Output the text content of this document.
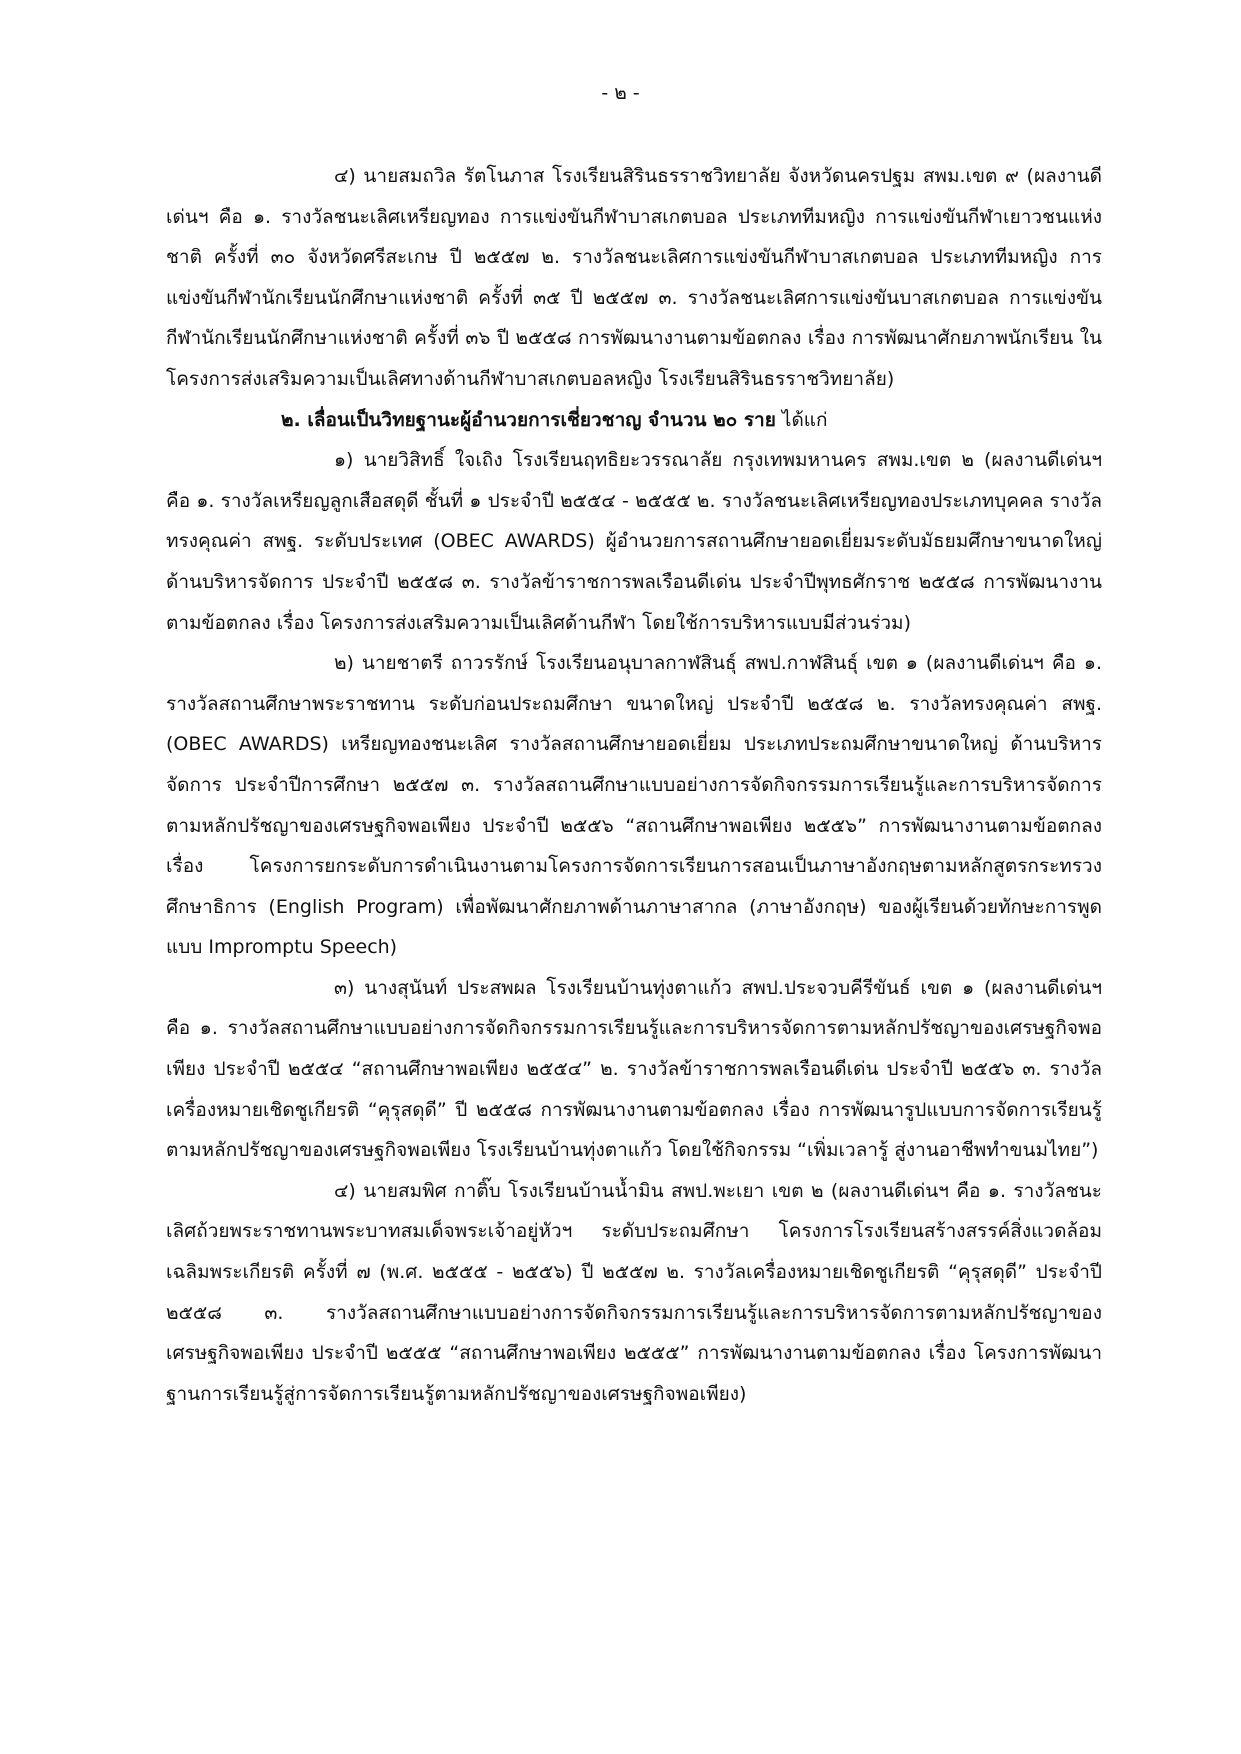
- ๒ -

๔) นายสมถวิล รัตโนภาส โรงเรียนสิรินธรราชวิทยาลัย จังหวัดนครปฐม สพม.เขต ๙ (ผลงานดีเด่นฯ คือ ๑. รางวัลชนะเลิศเหรียญทอง การแข่งขันกีฬาบาสเกตบอล ประเภททีมหญิง การแข่งขันกีฬาเยาวชนแห่งชาติ ครั้งที่ ๓๐ จังหวัดศรีสะเกษ ปี ๒๕๕๗ ๒. รางวัลชนะเลิศการแข่งขันกีฬาบาสเกตบอล ประเภททีมหญิง การแข่งขันกีฬานักเรียนนักศึกษาแห่งชาติ ครั้งที่ ๓๕ ปี ๒๕๕๗ ๓. รางวัลชนะเลิศการแข่งขันบาสเกตบอล การแข่งขันกีฬานักเรียนนักศึกษาแห่งชาติ ครั้งที่ ๓๖ ปี ๒๕๕๘ การพัฒนางานตามข้อตกลง เรื่อง การพัฒนาศักยภาพนักเรียน ในโครงการส่งเสริมความเป็นเลิศทางด้านกีฬาบาสเกตบอลหญิง โรงเรียนสิรินธรราชวิทยาลัย)

๒. เลื่อนเป็นวิทยฐานะผู้อำนวยการเชี่ยวชาญ จำนวน ๒๐ ราย ได้แก่

๑) นายวิสิทธิ์ ใจเถิง โรงเรียนฤทธิยะวรรณาลัย กรุงเทพมหานคร สพม.เขต ๒ (ผลงานดีเด่นฯ คือ ๑. รางวัลเหรียญลูกเสือสดุดี ชั้นที่ ๑ ประจำปี ๒๕๕๔ - ๒๕๕๕ ๒. รางวัลชนะเลิศเหรียญทองประเภทบุคคล รางวัลทรงคุณค่า สพฐ. ระดับประเทศ (OBEC AWARDS) ผู้อำนวยการสถานศึกษายอดเยี่ยมระดับมัธยมศึกษาขนาดใหญ่ ด้านบริหารจัดการ ประจำปี ๒๕๕๘ ๓. รางวัลข้าราชการพลเรือนดีเด่น ประจำปีพุทธศักราช ๒๕๕๘ การพัฒนางานตามข้อตกลง เรื่อง โครงการส่งเสริมความเป็นเลิศด้านกีฬา โดยใช้การบริหารแบบมีส่วนร่วม)

๒) นายชาตรี ถาวรรักษ์ โรงเรียนอนุบาลกาฬสินธุ์ สพป.กาฬสินธุ์ เขต ๑ (ผลงานดีเด่นฯ คือ ๑. รางวัลสถานศึกษาพระราชทาน ระดับก่อนประถมศึกษา ขนาดใหญ่ ประจำปี ๒๕๕๘ ๒. รางวัลทรงคุณค่า สพฐ. (OBEC AWARDS) เหรียญทองชนะเลิศ รางวัลสถานศึกษายอดเยี่ยม ประเภทประถมศึกษาขนาดใหญ่ ด้านบริหารจัดการ ประจำปีการศึกษา ๒๕๕๗ ๓. รางวัลสถานศึกษาแบบอย่างการจัดกิจกรรมการเรียนรู้และการบริหารจัดการตามหลักปรัชญาของเศรษฐกิจพอเพียง ประจำปี ๒๕๕๖ “สถานศึกษาพอเพียง ๒๕๕๖” การพัฒนางานตามข้อตกลง เรื่อง โครงการยกระดับการดำเนินงานตามโครงการจัดการเรียนการสอนเป็นภาษาอังกฤษตามหลักสูตรกระทรวงศึกษาธิการ (English Program) เพื่อพัฒนาศักยภาพด้านภาษาสากล (ภาษาอังกฤษ) ของผู้เรียนด้วยทักษะการพูดแบบ Impromptu Speech)

๓) นางสุนันท์ ประสพผล โรงเรียนบ้านทุ่งตาแก้ว สพป.ประจวบคีรีขันธ์ เขต ๑ (ผลงานดีเด่นฯ คือ ๑. รางวัลสถานศึกษาแบบอย่างการจัดกิจกรรมการเรียนรู้และการบริหารจัดการตามหลักปรัชญาของเศรษฐกิจพอเพียง ประจำปี ๒๕๕๔ “สถานศึกษาพอเพียง ๒๕๕๔” ๒. รางวัลข้าราชการพลเรือนดีเด่น ประจำปี ๒๕๕๖ ๓. รางวัลเครื่องหมายเชิดชูเกียรติ “คุรุสดุดี” ปี ๒๕๕๘ การพัฒนางานตามข้อตกลง เรื่อง การพัฒนารูปแบบการจัดการเรียนรู้ตามหลักปรัชญาของเศรษฐกิจพอเพียง โรงเรียนบ้านทุ่งตาแก้ว โดยใช้กิจกรรม “เพิ่มเวลารู้ สู่งานอาชีพทำขนมไทย”)

๔) นายสมพิศ กาติ๊บ โรงเรียนบ้านน้ำมิน สพป.พะเยา เขต ๒ (ผลงานดีเด่นฯ คือ ๑. รางวัลชนะเลิศถ้วยพระราชทานพระบาทสมเด็จพระเจ้าอยู่หัวฯ ระดับประถมศึกษา โครงการโรงเรียนสร้างสรรค์สิ่งแวดล้อมเฉลิมพระเกียรติ ครั้งที่ ๗ (พ.ศ. ๒๕๕๕ - ๒๕๕๖) ปี ๒๕๕๗ ๒. รางวัลเครื่องหมายเชิดชูเกียรติ “คุรุสดุดี” ประจำปี ๒๕๕๘ ๓. รางวัลสถานศึกษาแบบอย่างการจัดกิจกรรมการเรียนรู้และการบริหารจัดการตามหลักปรัชญาของเศรษฐกิจพอเพียง ประจำปี ๒๕๕๕ “สถานศึกษาพอเพียง ๒๕๕๕” การพัฒนางานตามข้อตกลง เรื่อง โครงการพัฒนาฐานการเรียนรู้สู่การจัดการเรียนรู้ตามหลักปรัชญาของเศรษฐกิจพอเพียง)
